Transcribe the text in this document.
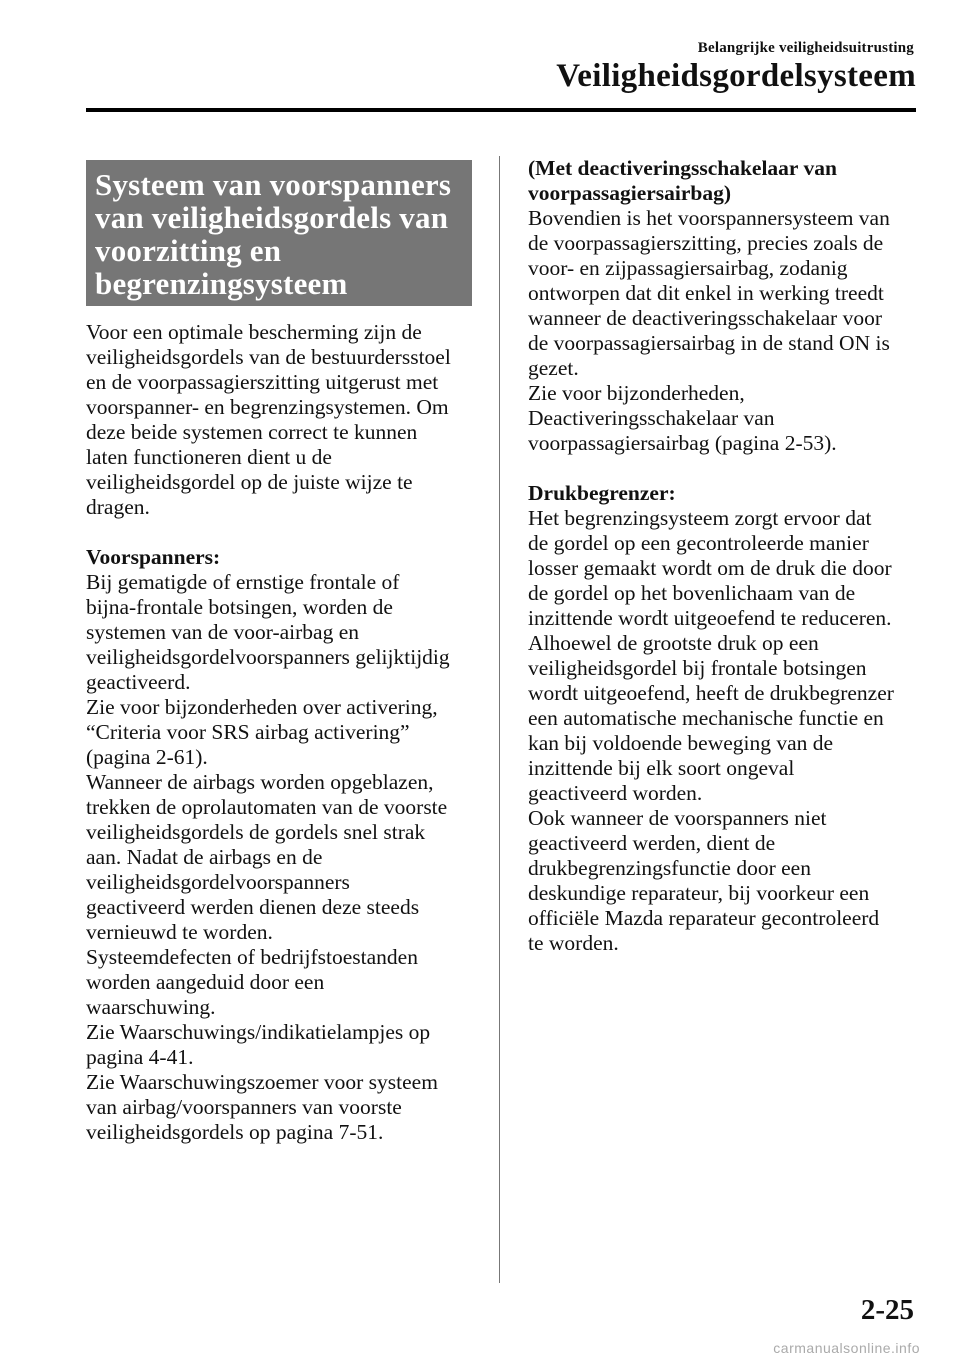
Belangrijke veiligheidsuitrusting
Veiligheidsgordelsysteem
Systeem van voorspanners
van veiligheidsgordels van
voorzitting en
begrenzingsysteem

Voor een optimale bescherming zijn de
veiligheidsgordels van de bestuurdersstoel
en de voorpassagierszitting uitgerust met
voorspanner- en begrenzingsystemen. Om
deze beide systemen correct te kunnen
laten functioneren dient u de
veiligheidsgordel op de juiste wijze te
dragen.

Voorspanners:
Bij gematigde of ernstige frontale of
bijna-frontale botsingen, worden de
systemen van de voor-airbag en
veiligheidsgordelvoorspanners gelijktijdig
geactiveerd.
Zie voor bijzonderheden over activering,
“Criteria voor SRS airbag activering”
(pagina 2-61).
Wanneer de airbags worden opgeblazen,
trekken de oprolautomaten van de voorste
veiligheidsgordels de gordels snel strak
aan. Nadat de airbags en de
veiligheidsgordelvoorspanners
geactiveerd werden dienen deze steeds
vernieuwd te worden.
Systeemdefecten of bedrijfstoestanden
worden aangeduid door een
waarschuwing.
Zie Waarschuwings/indikatielampjes op
pagina 4-41.
Zie Waarschuwingszoemer voor systeem
van airbag/voorspanners van voorste
veiligheidsgordels op pagina 7-51.

(Met deactiveringsschakelaar van
voorpassagiersairbag)
Bovendien is het voorspannersysteem van
de voorpassagierszitting, precies zoals de
voor- en zijpassagiersairbag, zodanig
ontworpen dat dit enkel in werking treedt
wanneer de deactiveringsschakelaar voor
de voorpassagiersairbag in de stand ON is
gezet.
Zie voor bijzonderheden,
Deactiveringsschakelaar van
voorpassagiersairbag (pagina 2-53).

Drukbegrenzer:
Het begrenzingsysteem zorgt ervoor dat
de gordel op een gecontroleerde manier
losser gemaakt wordt om de druk die door
de gordel op het bovenlichaam van de
inzittende wordt uitgeoefend te reduceren.
Alhoewel de grootste druk op een
veiligheidsgordel bij frontale botsingen
wordt uitgeoefend, heeft de drukbegrenzer
een automatische mechanische functie en
kan bij voldoende beweging van de
inzittende bij elk soort ongeval
geactiveerd worden.
Ook wanneer de voorspanners niet
geactiveerd werden, dient de
drukbegrenzingsfunctie door een
deskundige reparateur, bij voorkeur een
officiële Mazda reparateur gecontroleerd
te worden.

2-25
carmanualsonline.info
